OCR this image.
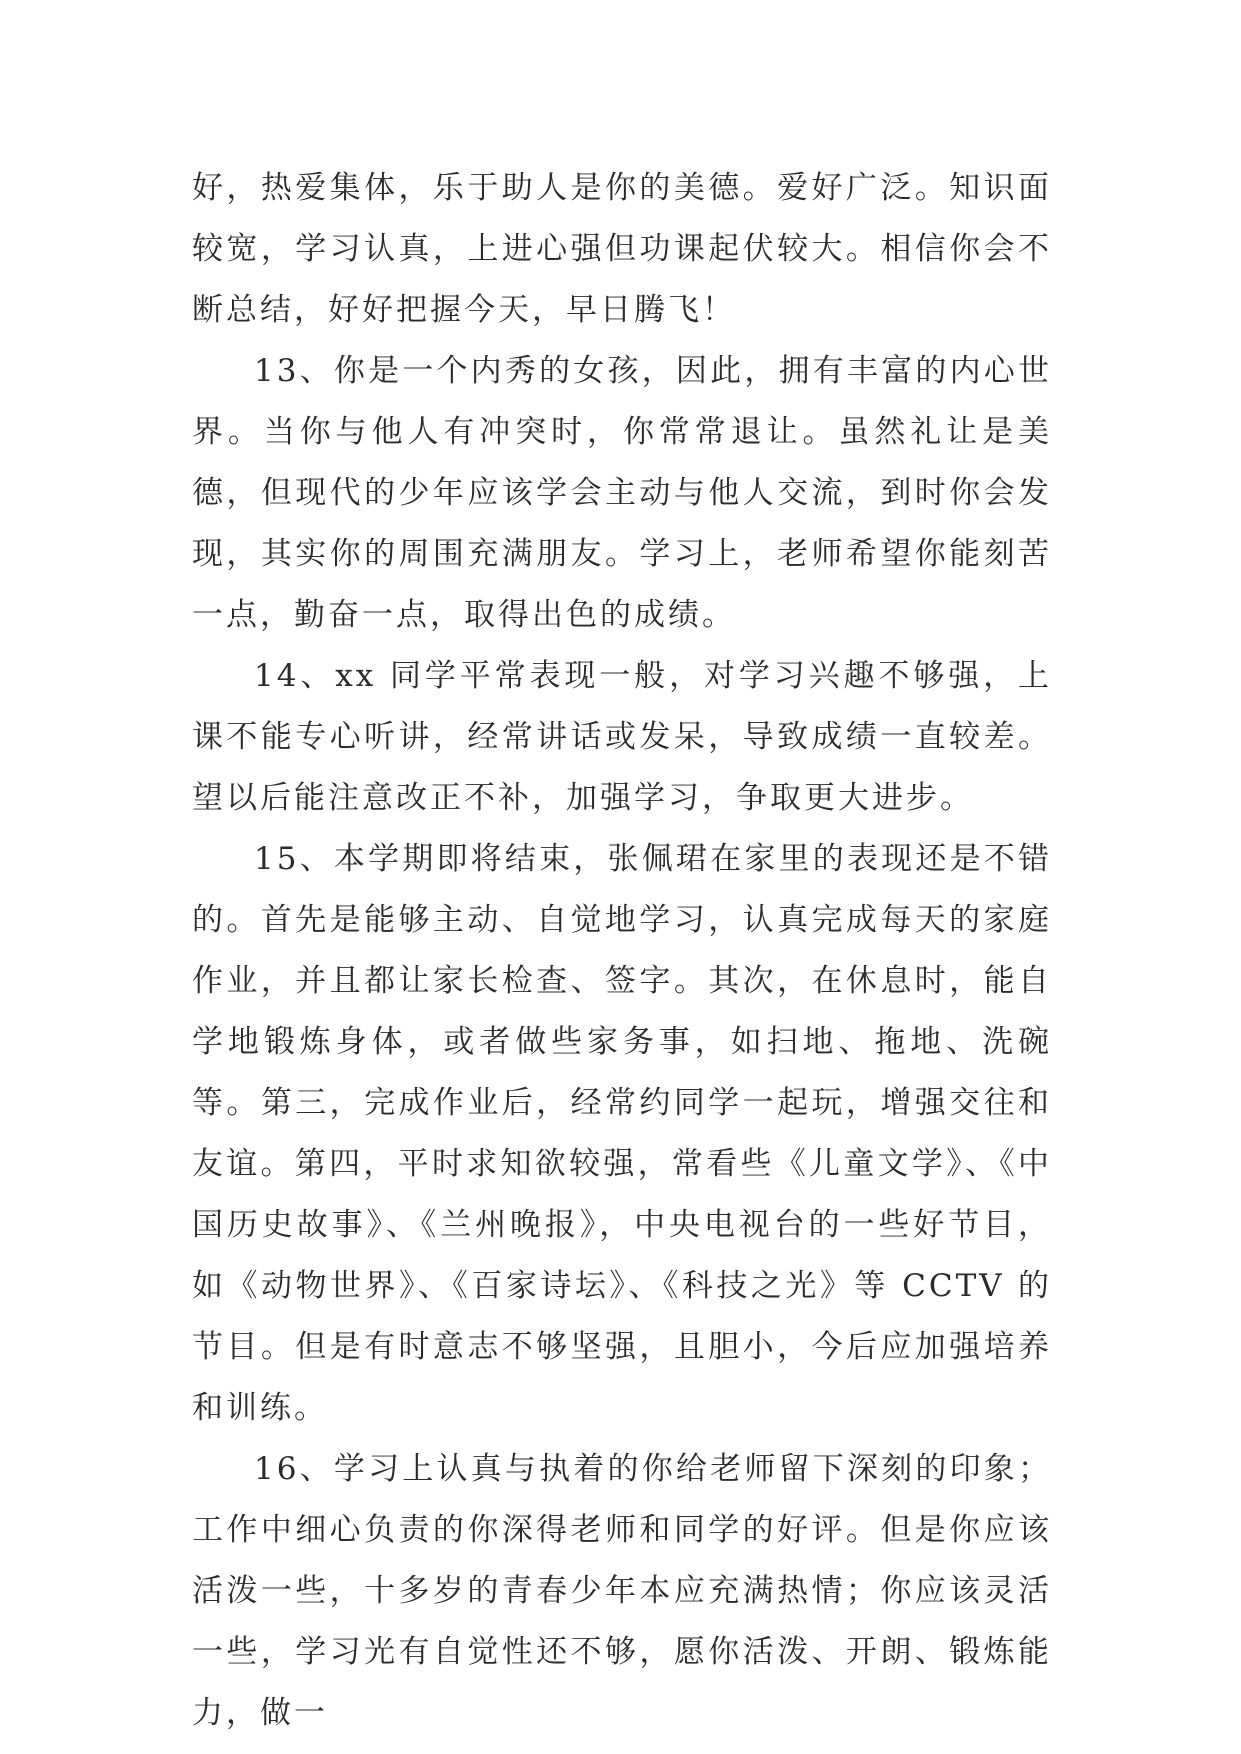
好，热爱集体，乐于助人是你的美德。爱好广泛。知识面较宽，学习认真，上进心强但功课起伏较大。相信你会不断总结，好好把握今天，早日腾飞！

13、你是一个内秀的女孩，因此，拥有丰富的内心世界。当你与他人有冲突时，你常常退让。虽然礼让是美德，但现代的少年应该学会主动与他人交流，到时你会发现，其实你的周围充满朋友。学习上，老师希望你能刻苦一点，勤奋一点，取得出色的成绩。

14、xx 同学平常表现一般，对学习兴趣不够强，上课不能专心听讲，经常讲话或发呆，导致成绩一直较差。望以后能注意改正不补，加强学习，争取更大进步。

15、本学期即将结束，张佩珺在家里的表现还是不错的。首先是能够主动、自觉地学习，认真完成每天的家庭作业，并且都让家长检查、签字。其次，在休息时，能自学地锻炼身体，或者做些家务事，如扫地、拖地、洗碗等。第三，完成作业后，经常约同学一起玩，增强交往和友谊。第四，平时求知欲较强，常看些《儿童文学》、《中国历史故事》、《兰州晚报》，中央电视台的一些好节目，如《动物世界》、《百家诗坛》、《科技之光》等 CCTV 的节目。但是有时意志不够坚强，且胆小，今后应加强培养和训练。

16、学习上认真与执着的你给老师留下深刻的印象；工作中细心负责的你深得老师和同学的好评。但是你应该活泼一些，十多岁的青春少年本应充满热情；你应该灵活一些，学习光有自觉性还不够，愿你活泼、开朗、锻炼能力，做一
